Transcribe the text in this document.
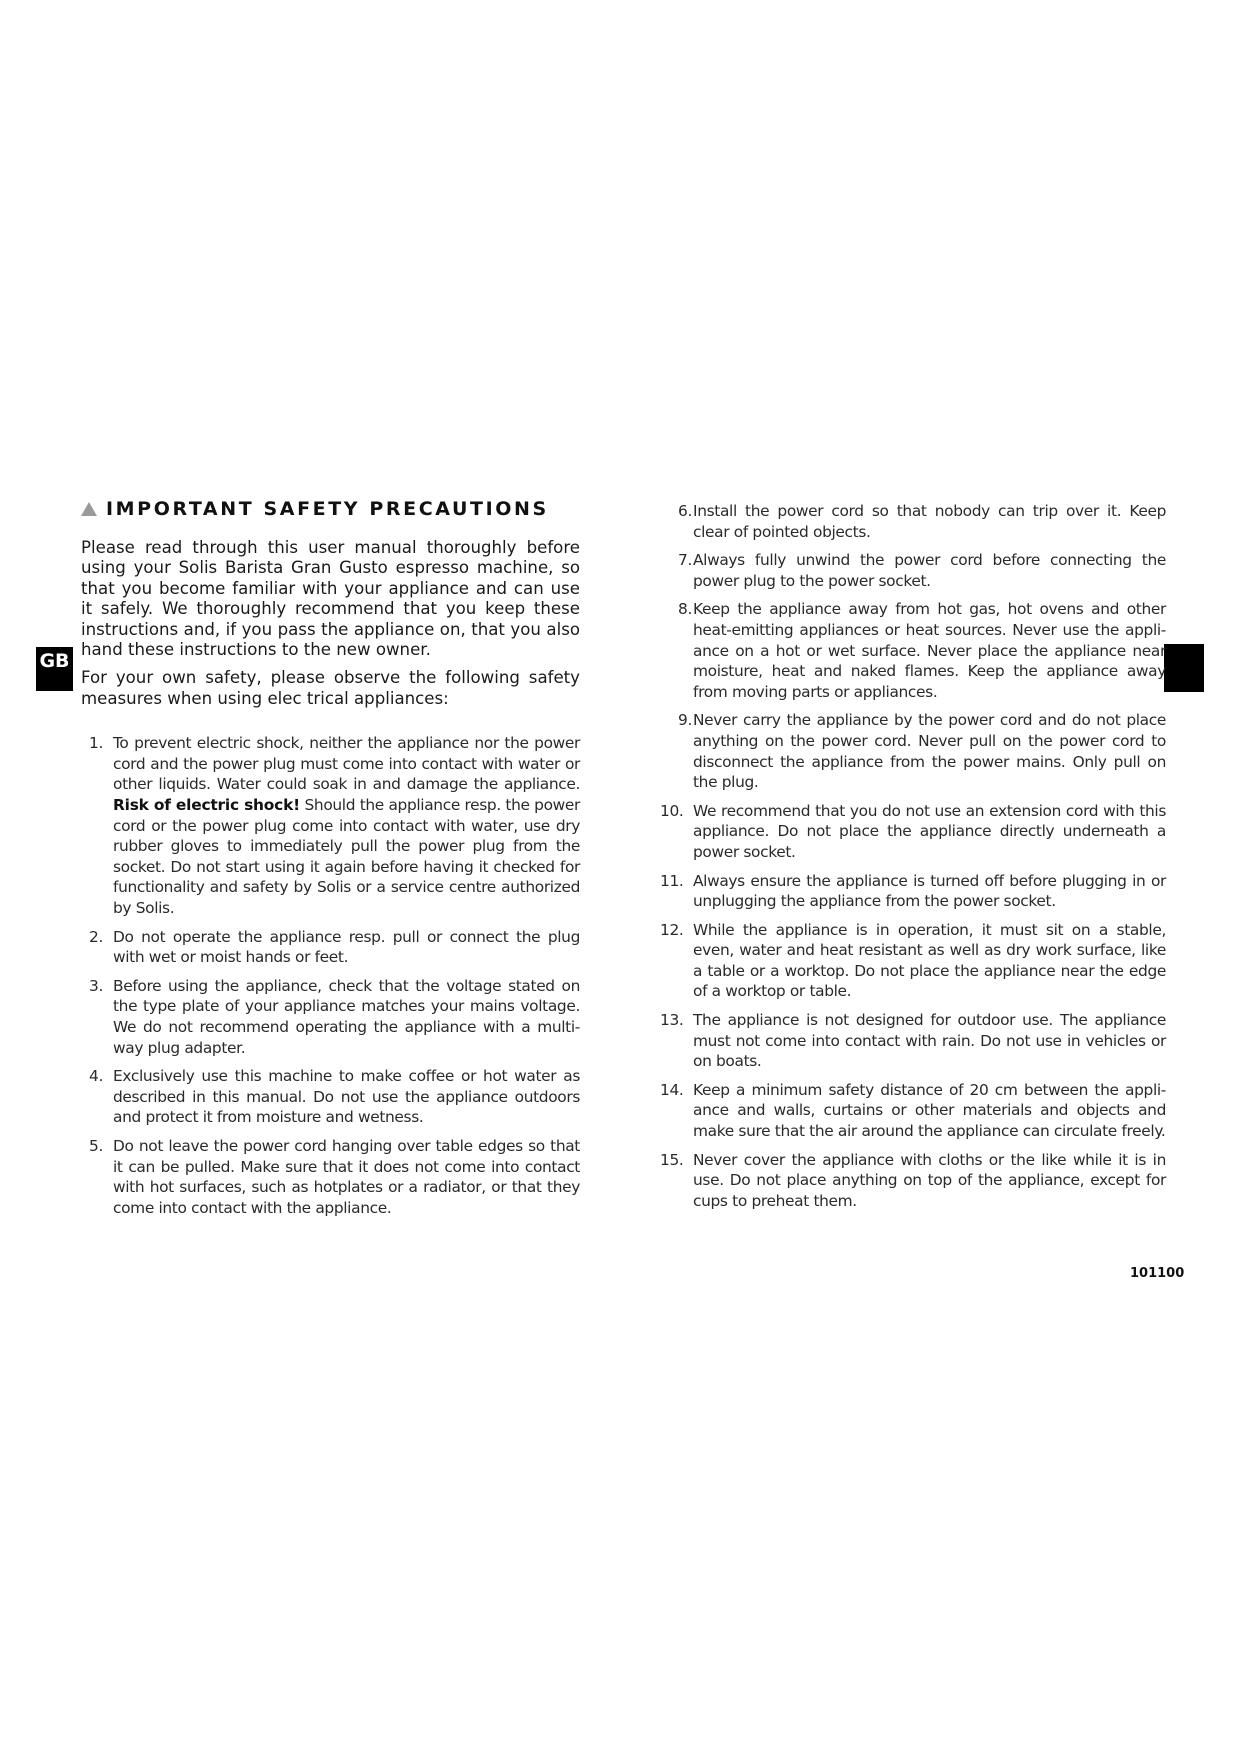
GB
IMPORTANT SAFETY PRECAUTIONS

Please read through this user manual thoroughly before using your Solis Barista Gran Gusto espresso machine, so that you become familiar with your appliance and can use it safely. We thoroughly recommend that you keep these instructions and, if you pass the appliance on, that you also hand these instructions to the new owner.

For your own safety, please observe the following safety measures when using elec trical appliances:

1. To prevent electric shock, neither the appliance nor the power cord and the power plug must come into contact with water or other liquids. Water could soak in and damage the appliance. Risk of electric shock! Should the appliance resp. the power cord or the power plug come into contact with water, use dry rubber gloves to immediately pull the power plug from the socket. Do not start using it again before having it checked for functionality and safety by Solis or a service centre authorized by Solis.
2. Do not operate the appliance resp. pull or connect the plug with wet or moist hands or feet.
3. Before using the appliance, check that the voltage stated on the type plate of your appliance matches your mains voltage. We do not recommend operating the appliance with a multi-way plug adapter.
4. Exclusively use this machine to make coffee or hot water as described in this manual. Do not use the appliance outdoors and protect it from moisture and wetness.
5. Do not leave the power cord hanging over table edges so that it can be pulled. Make sure that it does not come into contact with hot surfaces, such as hotplates or a radiator, or that they come into contact with the appliance.
6. Install the power cord so that nobody can trip over it. Keep clear of pointed objects.
7. Always fully unwind the power cord before connecting the power plug to the power socket.
8. Keep the appliance away from hot gas, hot ovens and other heat-emitting appliances or heat sources. Never use the appli-ance on a hot or wet surface. Never place the appliance near moisture, heat and naked flames. Keep the appliance away from moving parts or appliances.
9. Never carry the appliance by the power cord and do not place anything on the power cord. Never pull on the power cord to disconnect the appliance from the power mains. Only pull on the plug.
10. We recommend that you do not use an extension cord with this appliance. Do not place the appliance directly underneath a power socket.
11. Always ensure the appliance is turned off before plugging in or unplugging the appliance from the power socket.
12. While the appliance is in operation, it must sit on a stable, even, water and heat resistant as well as dry work surface, like a table or a worktop. Do not place the appliance near the edge of a worktop or table.
13. The appliance is not designed for outdoor use. The appliance must not come into contact with rain. Do not use in vehicles or on boats.
14. Keep a minimum safety distance of 20 cm between the appli-ance and walls, curtains or other materials and objects and make sure that the air around the appliance can circulate freely.
15. Never cover the appliance with cloths or the like while it is in use. Do not place anything on top of the appliance, except for cups to preheat them.
101100
